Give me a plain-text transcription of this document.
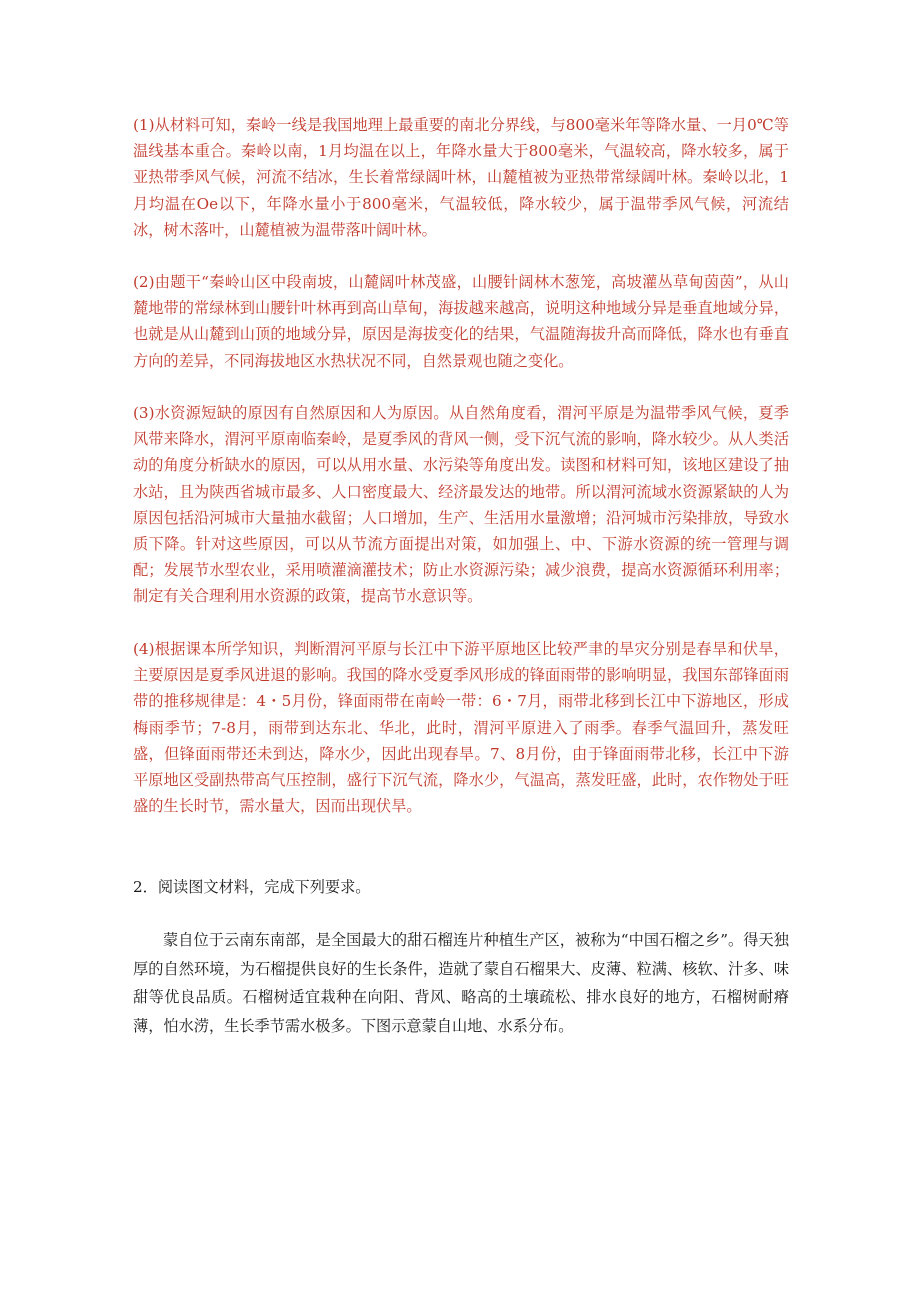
(1)从材料可知，秦岭一线是我国地理上最重要的南北分界线，与800毫米年等降水量、一月0℃等温线基本重合。秦岭以南，1月均温在以上，年降水量大于800毫米，气温较高，降水较多，属于亚热带季风气候，河流不结冰，生长着常绿阔叶林，山麓植被为亚热带常绿阔叶林。秦岭以北，1月均温在Oe以下，年降水量小于800毫米，气温较低，降水较少，属于温带季风气候，河流结冰，树木落叶，山麓植被为温带落叶阔叶林。

(2)由题干“秦岭山区中段南坡，山麓阔叶林茂盛，山腰针阔林木葱笼，高坡灌丛草甸茵茵”，从山麓地带的常绿林到山腰针叶林再到高山草甸，海拔越来越高，说明这种地域分异是垂直地域分异，也就是从山麓到山顶的地域分异，原因是海拔变化的结果，气温随海拔升高而降低，降水也有垂直方向的差异，不同海拔地区水热状况不同，自然景观也随之变化。

(3)水资源短缺的原因有自然原因和人为原因。从自然角度看，渭河平原是为温带季风气候，夏季风带来降水，渭河平原南临秦岭，是夏季风的背风一侧，受下沉气流的影响，降水较少。从人类活动的角度分析缺水的原因，可以从用水量、水污染等角度出发。读图和材料可知，该地区建设了抽水站，且为陕西省城市最多、人口密度最大、经济最发达的地带。所以渭河流域水资源紧缺的人为原因包括沿河城市大量抽水截留；人口增加，生产、生活用水量激增；沿河城市污染排放，导致水质下降。针对这些原因，可以从节流方面提出对策，如加强上、中、下游水资源的统一管理与调配；发展节水型农业，采用喷灌滴灌技术；防止水资源污染；减少浪费，提高水资源循环利用率；制定有关合理利用水资源的政策，提高节水意识等。

(4)根据课本所学知识，判断渭河平原与长江中下游平原地区比较严聿的旱灾分别是春旱和伏旱，主要原因是夏季风进退的影响。我国的降水受夏季风形成的锋面雨带的影响明显，我国东部锋面雨带的推移规律是：4・5月份，锋面雨带在南岭一带：6・7月，雨带北移到长江中下游地区，形成梅雨季节；7-8月，雨带到达东北、华北，此时，渭河平原进入了雨季。春季气温回升，蒸发旺盛，但锋面雨带还未到达，降水少，因此出现春旱。7、8月份，由于锋面雨带北移，长江中下游平原地区受副热带高气压控制，盛行下沉气流，降水少，气温高，蒸发旺盛，此时，农作物处于旺盛的生长时节，需水量大，因而出现伏旱。

2．阅读图文材料，完成下列要求。

蒙自位于云南东南部，是全国最大的甜石榴连片种植生产区，被称为“中国石榴之乡”。得天独厚的自然环境，为石榴提供良好的生长条件，造就了蒙自石榴果大、皮薄、粒满、核软、汁多、味甜等优良品质。石榴树适宜栽种在向阳、背风、略高的土壤疏松、排水良好的地方，石榴树耐瘠薄，怕水涝，生长季节需水极多。下图示意蒙自山地、水系分布。
